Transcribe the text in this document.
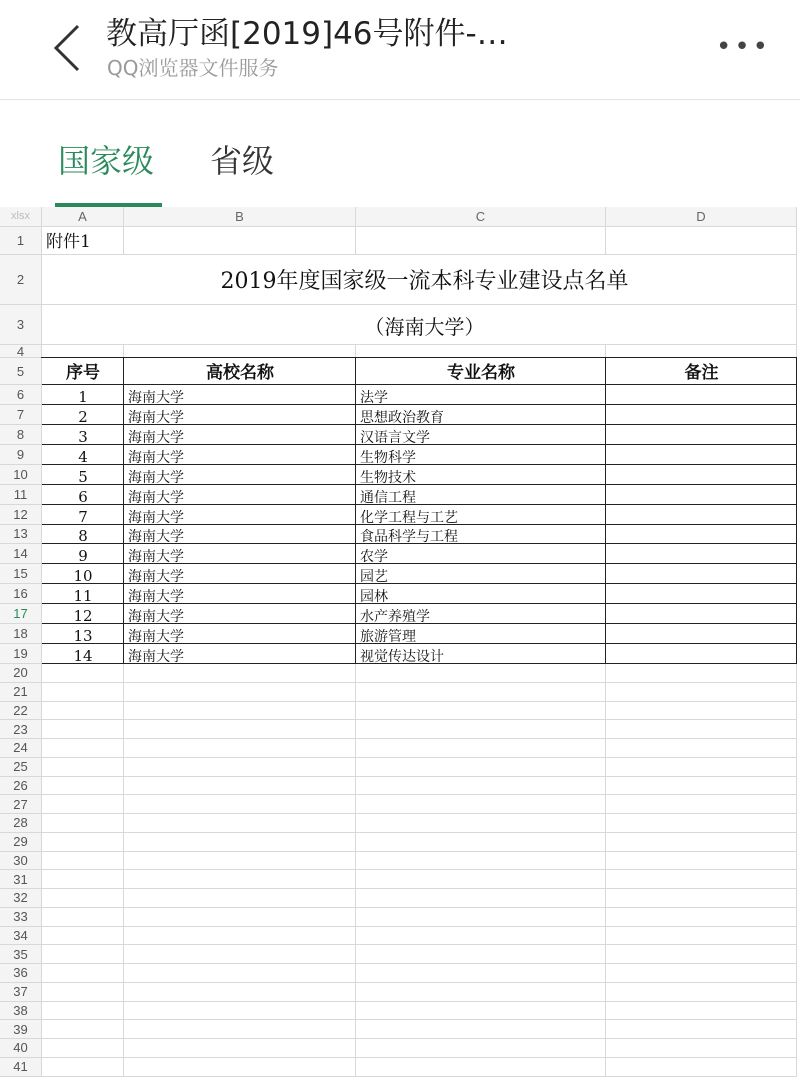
教高厅函[2019]46号附件-…
QQ浏览器文件服务
•••
国家级 省级
xlsx	A	B	C	D
1
2
3
4
5
6
7
8
9
10
11
12
13
14
15
16
17
18
19
20
21
22
23
24
25
26
27
28
29
30
31
32
33
34
35
36
37
38
39
40
41
附件1
2019年度国家级一流本科专业建设点名单
（海南大学）
序号	高校名称	专业名称	备注
1	海南大学	法学
2	海南大学	思想政治教育
3	海南大学	汉语言文学
4	海南大学	生物科学
5	海南大学	生物技术
6	海南大学	通信工程
7	海南大学	化学工程与工艺
8	海南大学	食品科学与工程
9	海南大学	农学
10	海南大学	园艺
11	海南大学	园林
12	海南大学	水产养殖学
13	海南大学	旅游管理
14	海南大学	视觉传达设计
